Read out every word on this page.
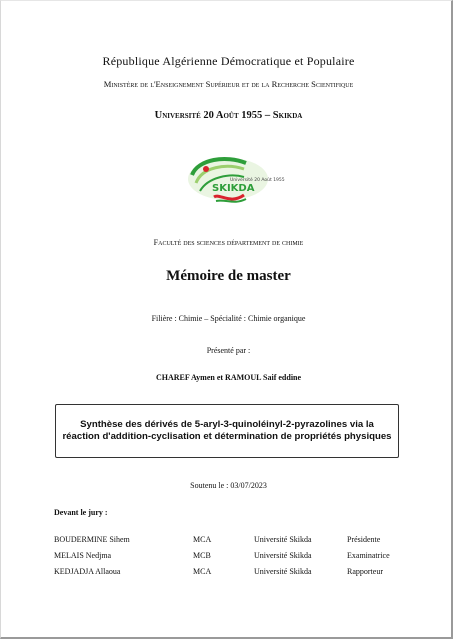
République Algérienne Démocratique et Populaire
Ministère de l'Enseignement Supérieur et de la Recherche Scientifique
Université 20 Août 1955 – Skikda
Université 20 Août 1955
SKIKDA
Faculté des sciences département de chimie
Mémoire de master
Filière : Chimie – Spécialité : Chimie organique
Présenté par :
CHAREF Aymen et RAMOUL Saif eddine
Synthèse des dérivés de 5-aryl-3-quinoléinyl-2-pyrazolines via la réaction d'addition-cyclisation et détermination de propriétés physiques
Soutenu le : 03/07/2023
Devant le jury :
BOUDERMINE Sihem	MCA	Université Skikda	Présidente
MELAIS Nedjma	MCB	Université Skikda	Examinatrice
KEDJADJA Allaoua	MCA	Université Skikda	Rapporteur
